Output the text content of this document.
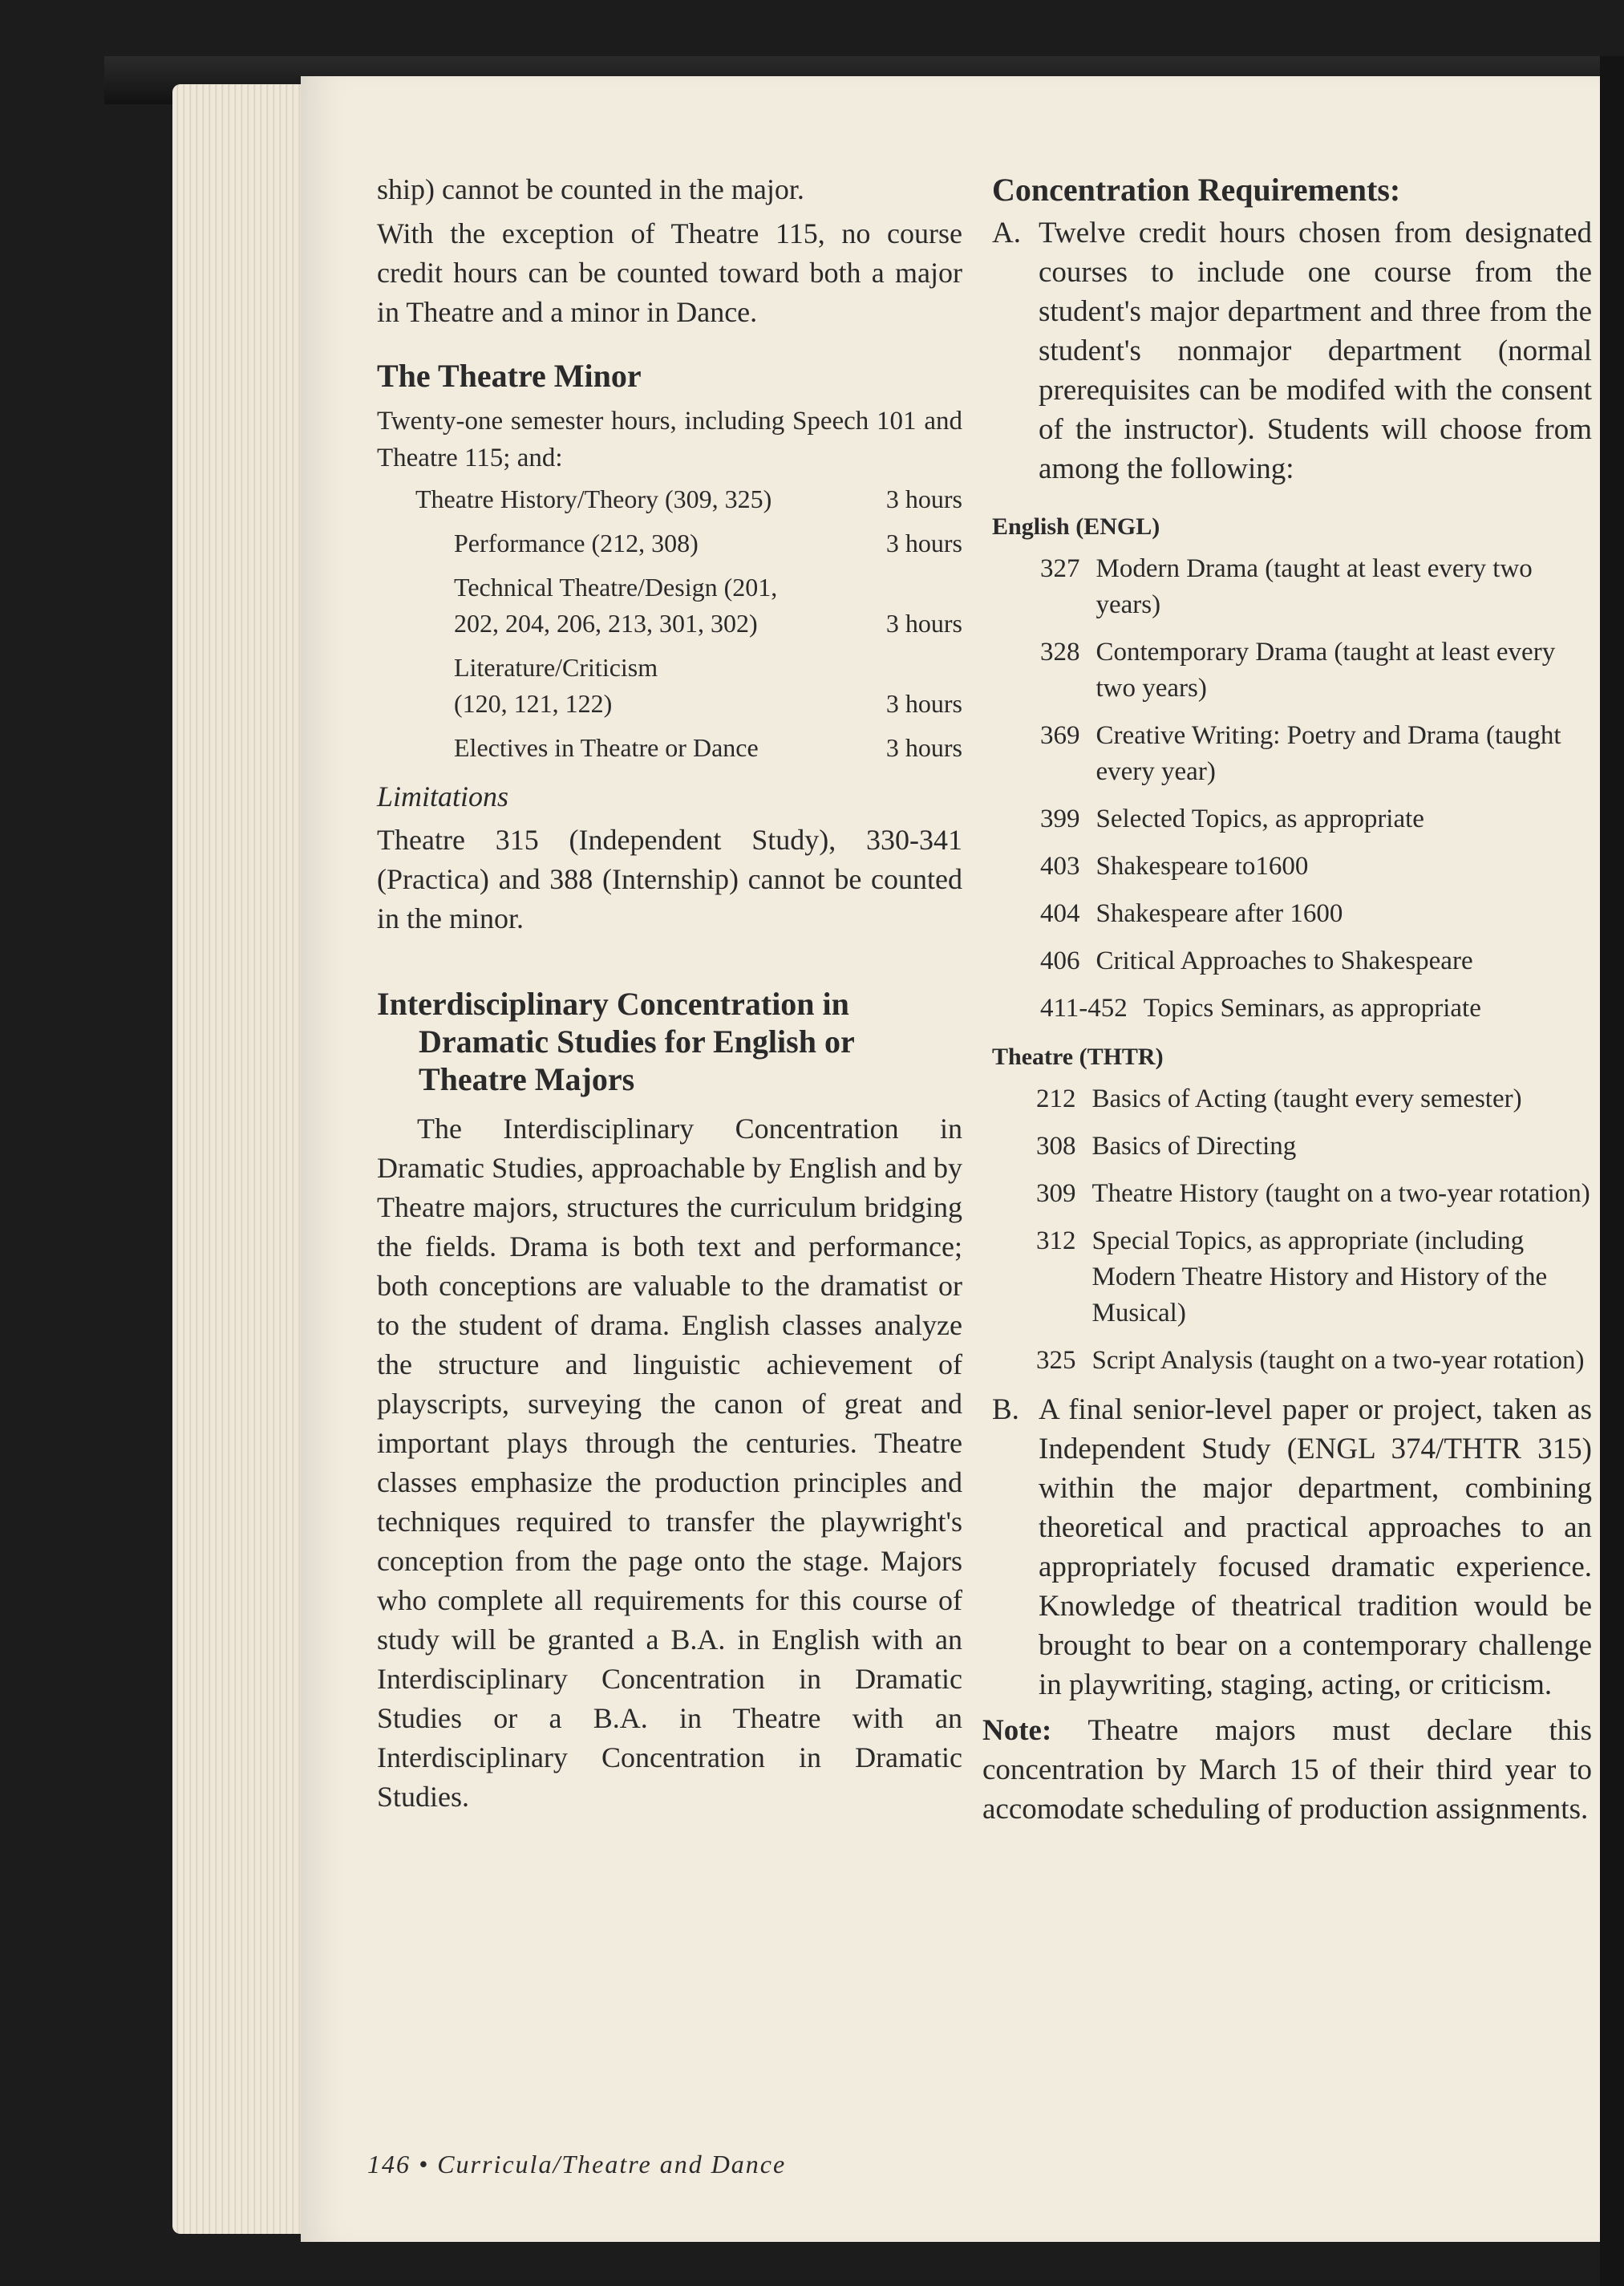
ship) cannot be counted in the major.

With the exception of Theatre 115, no course credit hours can be counted toward both a major in Theatre and a minor in Dance.

The Theatre Minor

Twenty-one semester hours, including Speech 101 and Theatre 115; and:

Theatre History/Theory (309, 325)	3 hours
Performance (212, 308)	3 hours
Technical Theatre/Design (201, 202, 204, 206, 213, 301, 302)	3 hours
Literature/Criticism (120, 121, 122)	3 hours
Electives in Theatre or Dance	3 hours

Limitations

Theatre 315 (Independent Study), 330-341 (Practica) and 388 (Internship) cannot be counted in the minor.

Interdisciplinary Concentration in Dramatic Studies for English or Theatre Majors

The Interdisciplinary Concentration in Dramatic Studies, approachable by English and by Theatre majors, structures the curriculum bridging the fields. Drama is both text and performance; both conceptions are valuable to the dramatist or to the student of drama. English classes analyze the structure and linguistic achievement of playscripts, surveying the canon of great and important plays through the centuries. Theatre classes emphasize the production principles and techniques required to transfer the playwright's conception from the page onto the stage. Majors who complete all requirements for this course of study will be granted a B.A. in English with an Interdisciplinary Concentration in Dramatic Studies or a B.A. in Theatre with an Interdisciplinary Concentration in Dramatic Studies.

Concentration Requirements:
A. Twelve credit hours chosen from designated courses to include one course from the student's major department and three from the student's nonmajor department (normal prerequisites can be modifed with the consent of the instructor). Students will choose from among the following:
English (ENGL)
327 Modern Drama (taught at least every two years)
328 Contemporary Drama (taught at least every two years)
369 Creative Writing: Poetry and Drama (taught every year)
399 Selected Topics, as appropriate
403 Shakespeare to1600
404 Shakespeare after 1600
406 Critical Approaches to Shakespeare
411-452 Topics Seminars, as appropriate
Theatre (THTR)
212 Basics of Acting (taught every semester)
308 Basics of Directing
309 Theatre History (taught on a two-year rotation)
312 Special Topics, as appropriate (including Modern Theatre History and History of the Musical)
325 Script Analysis (taught on a two-year rotation)
B. A final senior-level paper or project, taken as Independent Study (ENGL 374/THTR 315) within the major department, combining theoretical and practical approaches to an appropriately focused dramatic experience. Knowledge of theatrical tradition would be brought to bear on a contemporary challenge in playwriting, staging, acting, or criticism.

Note: Theatre majors must declare this concentration by March 15 of their third year to accomodate scheduling of production assignments.

146 • Curricula/Theatre and Dance
